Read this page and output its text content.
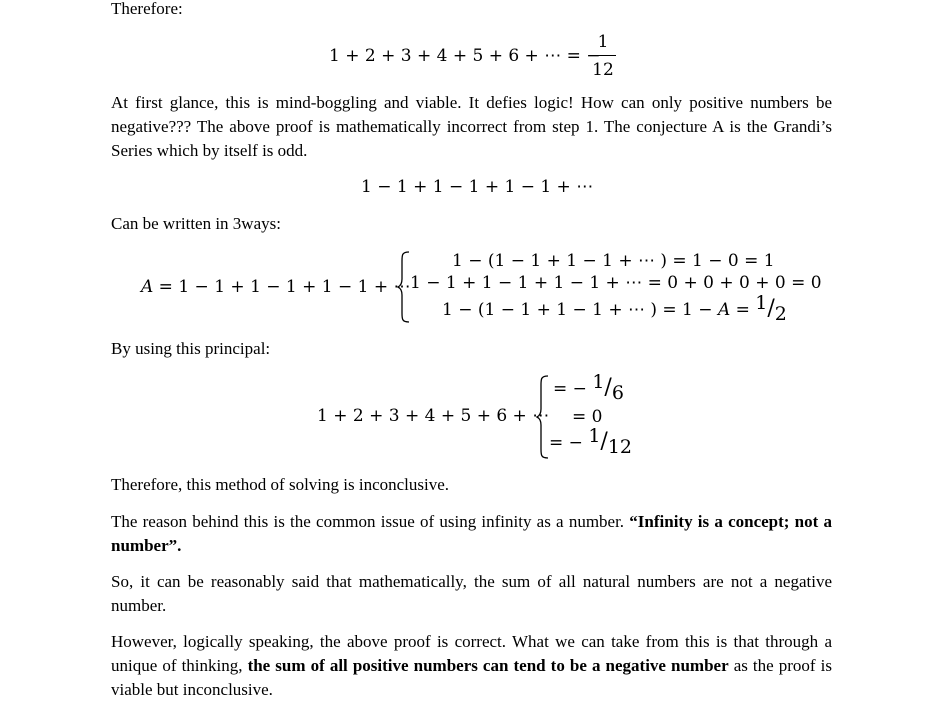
Therefore:

1 + 2 + 3 + 4 + 5 + 6 + ⋯ = −
1
12

At first glance, this is mind-boggling and viable. It defies logic! How can only positive numbers be negative??? The above proof is mathematically incorrect from step 1. The conjecture A is the Grandi’s Series which by itself is odd.

1 − 1 + 1 − 1 + 1 − 1 + ⋯

Can be written in 3ways:

A = 1 − 1 + 1 − 1 + 1 − 1 + ⋯
1 − (1 − 1 + 1 − 1 + ⋯ ) = 1 − 0 = 1
1 − 1 + 1 − 1 + 1 − 1 + ⋯ = 0 + 0 + 0 + 0 = 0
1 − (1 − 1 + 1 − 1 + ⋯ ) = 1 − A = 1/2

By using this principal:

1 + 2 + 3 + 4 + 5 + 6 + ⋯
= − 1/6
= 0
= − 1/12

Therefore, this method of solving is inconclusive.

The reason behind this is the common issue of using infinity as a number. “Infinity is a concept; not a number”.

So, it can be reasonably said that mathematically, the sum of all natural numbers are not a negative number.

However, logically speaking, the above proof is correct. What we can take from this is that through a unique of thinking, the sum of all positive numbers can tend to be a negative number as the proof is viable but inconclusive.
